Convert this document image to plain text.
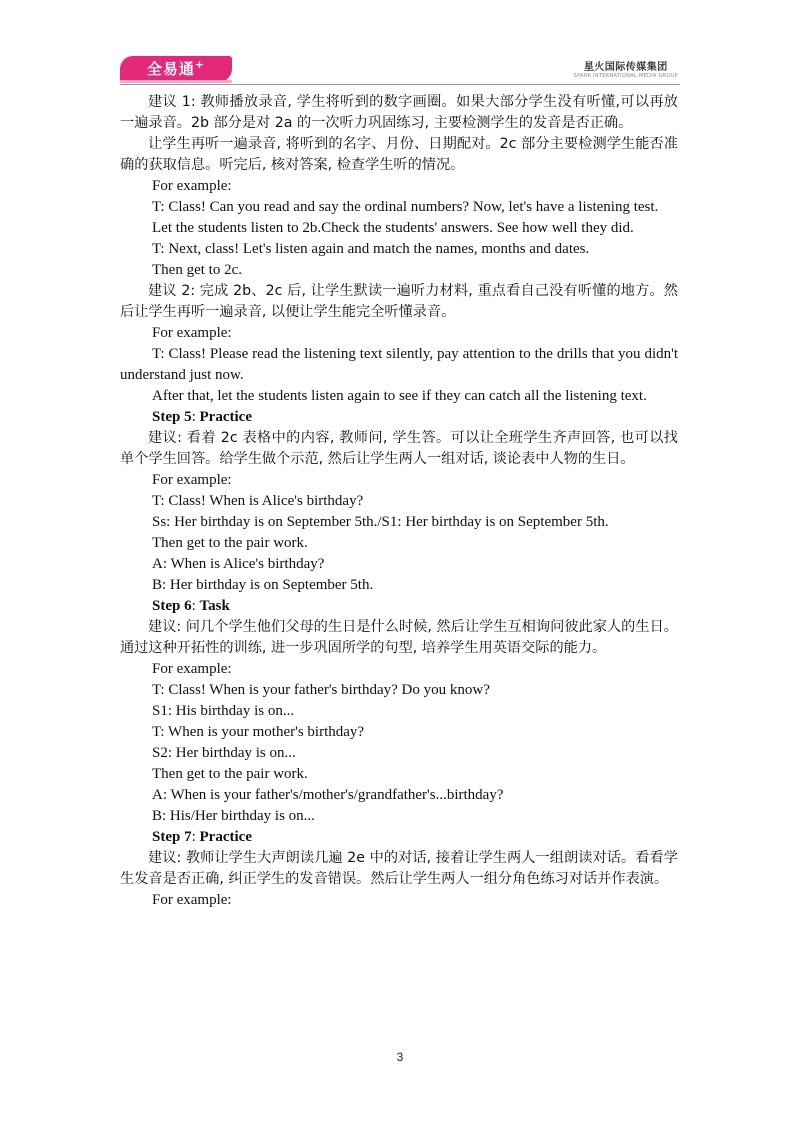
全易通+	星火国际传媒集团
SPARK INTERNATIONAL MEDIA GROUP

建议 1: 教师播放录音, 学生将听到的数字画圈。如果大部分学生没有听懂,可以再放一遍录音。2b 部分是对 2a 的一次听力巩固练习, 主要检测学生的发音是否正确。

让学生再听一遍录音, 将听到的名字、月份、日期配对。2c 部分主要检测学生能否准确的获取信息。听完后, 核对答案, 检查学生听的情况。

For example:

T: Class! Can you read and say the ordinal numbers? Now, let's have a listening test.

Let the students listen to 2b.Check the students' answers. See how well they did.

T: Next, class! Let's listen again and match the names, months and dates.

Then get to 2c.

建议 2: 完成 2b、2c 后, 让学生默读一遍听力材料, 重点看自己没有听懂的地方。然后让学生再听一遍录音, 以便让学生能完全听懂录音。

For example:

T: Class! Please read the listening text silently, pay attention to the drills that you didn't understand just now.

After that, let the students listen again to see if they can catch all the listening text.

Step 5: Practice

建议: 看着 2c 表格中的内容, 教师问, 学生答。可以让全班学生齐声回答, 也可以找单个学生回答。给学生做个示范, 然后让学生两人一组对话, 谈论表中人物的生日。

For example:

T: Class! When is Alice's birthday?

Ss: Her birthday is on September 5th./S1: Her birthday is on September 5th.

Then get to the pair work.

A: When is Alice's birthday?

B: Her birthday is on September 5th.

Step 6: Task

建议: 问几个学生他们父母的生日是什么时候, 然后让学生互相询问彼此家人的生日。通过这种开拓性的训练, 进一步巩固所学的句型, 培养学生用英语交际的能力。

For example:

T: Class! When is your father's birthday? Do you know?

S1: His birthday is on...

T: When is your mother's birthday?

S2: Her birthday is on...

Then get to the pair work.

A: When is your father's/mother's/grandfather's...birthday?

B: His/Her birthday is on...

Step 7: Practice

建议: 教师让学生大声朗读几遍 2e 中的对话, 接着让学生两人一组朗读对话。看看学生发音是否正确, 纠正学生的发音错误。然后让学生两人一组分角色练习对话并作表演。

For example:

3
